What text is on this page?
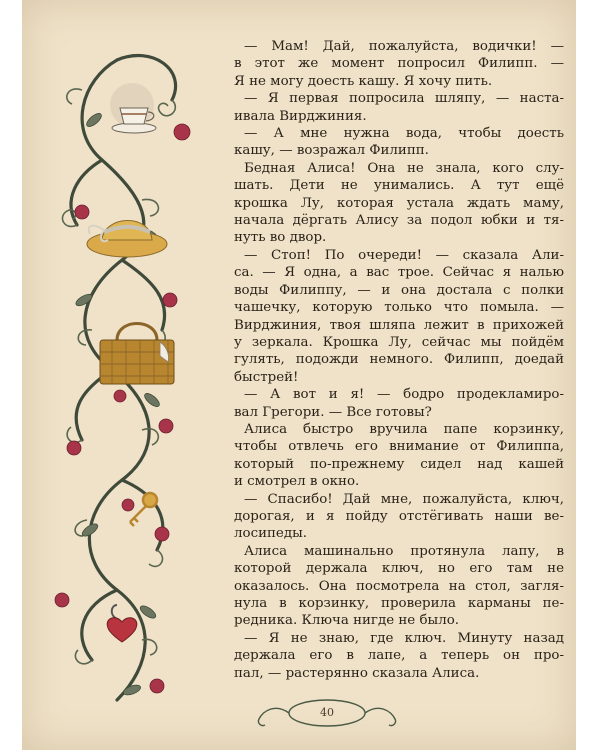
— Мам! Дай, пожалуйста, водички! —

в этот же момент попросил Филипп. —

Я не могу доесть кашу. Я хочу пить.

— Я первая попросила шляпу, — наста-

ивала Вирджиния.

— А мне нужна вода, чтобы доесть

кашу, — возражал Филипп.

Бедная Алиса! Она не знала, кого слу-

шать. Дети не унимались. А тут ещё

крошка Лу, которая устала ждать маму,

начала дёргать Алису за подол юбки и тя-

нуть во двор.

— Стоп! По очереди! — сказала Али-

са. — Я одна, а вас трое. Сейчас я налью

воды Филиппу, — и она достала с полки

чашечку, которую только что помыла. —

Вирджиния, твоя шляпа лежит в прихожей

у зеркала. Крошка Лу, сейчас мы пойдём

гулять, подожди немного. Филипп, доедай

быстрей!

— А вот и я! — бодро продекламиро-

вал Грегори. — Все готовы?

Алиса быстро вручила папе корзинку,

чтобы отвлечь его внимание от Филиппа,

который по-прежнему сидел над кашей

и смотрел в окно.

— Спасибо! Дай мне, пожалуйста, ключ,

дорогая, и я пойду отстёгивать наши ве-

лосипеды.

Алиса машинально протянула лапу, в

которой держала ключ, но его там не

оказалось. Она посмотрела на стол, загля-

нула в корзинку, проверила карманы пе-

редника. Ключа нигде не было.

— Я не знаю, где ключ. Минуту назад

держала его в лапе, а теперь он про-

пал, — растерянно сказала Алиса.

40
